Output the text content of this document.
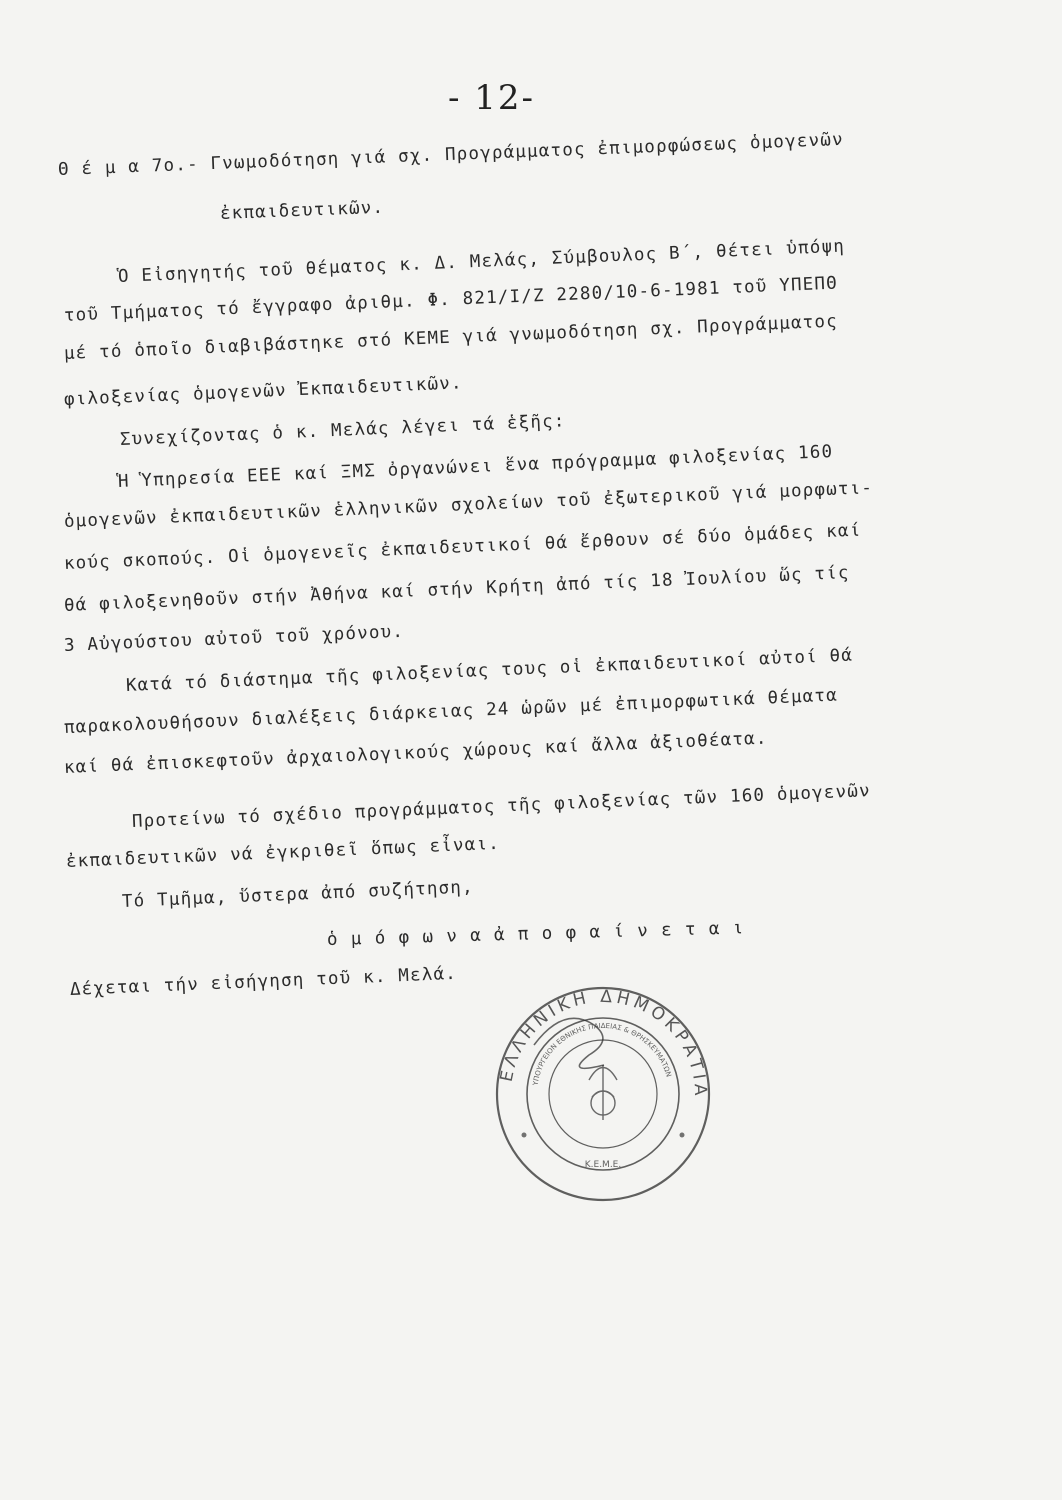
- 12-
Θ έ μ α 7ο.- Γνωμοδότηση γιά σχ. Προγράμματος ἐπιμορφώσεως ὁμογενῶν
ἐκπαιδευτικῶν.
Ὁ Εἰσηγητής τοῦ θέματος κ. Δ. Μελάς, Σύμβουλος Β΄, θέτει ὑπόψη
τοῦ Τμήματος τό ἔγγραφο ἀριθμ. Φ. 821/Ι/Ζ 2280/10-6-1981 τοῦ ΥΠΕΠΘ
μέ τό ὁποῖο διαβιβάστηκε στό ΚΕΜΕ γιά γνωμοδότηση σχ. Προγράμματος
φιλοξενίας ὁμογενῶν Ἐκπαιδευτικῶν.
Συνεχίζοντας ὁ κ. Μελάς λέγει τά ἑξῆς:
Ἡ Ὑπηρεσία ΕΕΕ καί ΞΜΣ ὀργανώνει ἕνα πρόγραμμα φιλοξενίας 160
ὁμογενῶν ἐκπαιδευτικῶν ἑλληνικῶν σχολείων τοῦ ἐξωτερικοῦ γιά μορφωτι-
κούς σκοπούς. Οἱ ὁμογενεῖς ἐκπαιδευτικοί θά ἔρθουν σέ δύο ὁμάδες καί
θά φιλοξενηθοῦν στήν Ἀθήνα καί στήν Κρήτη ἀπό τίς 18 Ἰουλίου ὥς τίς
3 Αὐγούστου αὐτοῦ τοῦ χρόνου.
Κατά τό διάστημα τῆς φιλοξενίας τους οἱ ἐκπαιδευτικοί αὐτοί θά
παρακολουθήσουν διαλέξεις διάρκειας 24 ὡρῶν μέ ἐπιμορφωτικά θέματα
καί θά ἐπισκεφτοῦν ἀρχαιολογικούς χώρους καί ἄλλα ἀξιοθέατα.
Προτείνω τό σχέδιο προγράμματος τῆς φιλοξενίας τῶν 160 ὁμογενῶν
ἐκπαιδευτικῶν νά ἐγκριθεῖ ὅπως εἶναι.
Τό Τμῆμα, ὕστερα ἀπό συζήτηση,
ὁ μ ό φ ω ν α ἀ π ο φ α ί ν ε τ α ι
Δέχεται τήν εἰσήγηση τοῦ κ. Μελά.
ΕΛΛΗΝΙΚΗ ΔΗΜΟΚΡΑΤΙΑ
ΥΠΟΥΡΓΕΙΟΝ ΕΘΝΙΚΗΣ ΠΑΙΔΕΙΑΣ & ΘΡΗΣΚΕΥΜΑΤΩΝ
Κ.Ε.Μ.Ε.
